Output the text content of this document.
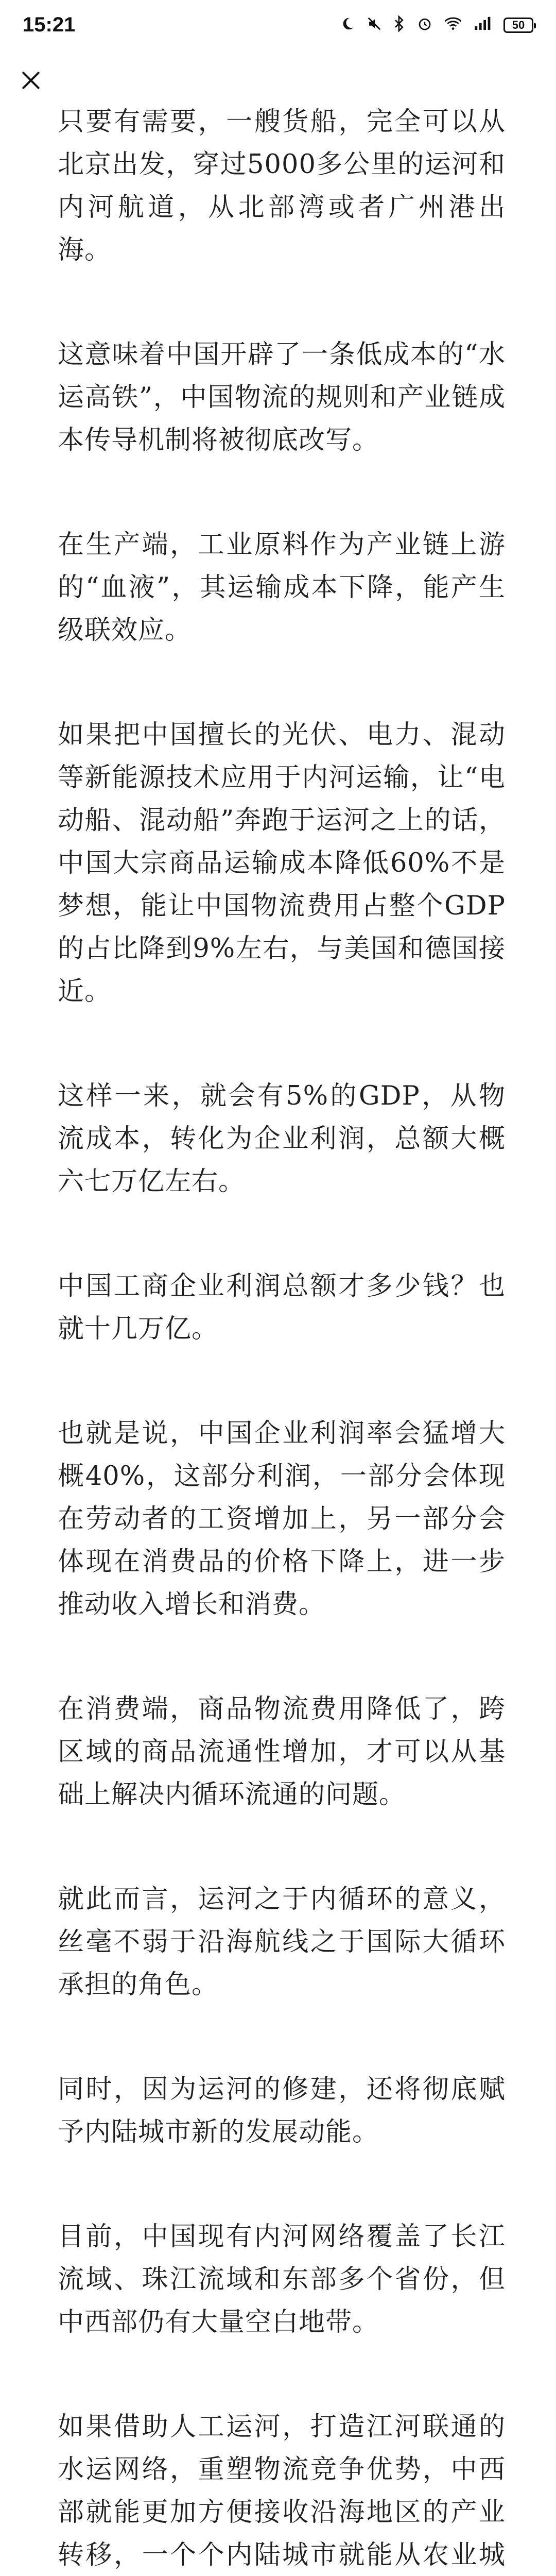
15:21	50

只要有需要，一艘货船，完全可以从北京出发，穿过5000多公里的运河和内河航道，从北部湾或者广州港出海。

这意味着中国开辟了一条低成本的“水运高铁”，中国物流的规则和产业链成本传导机制将被彻底改写。

在生产端，工业原料作为产业链上游的“血液”，其运输成本下降，能产生级联效应。

如果把中国擅长的光伏、电力、混动等新能源技术应用于内河运输，让“电动船、混动船”奔跑于运河之上的话，中国大宗商品运输成本降低60%不是梦想，能让中国物流费用占整个GDP的占比降到9%左右，与美国和德国接近。

这样一来，就会有5%的GDP，从物流成本，转化为企业利润，总额大概六七万亿左右。

中国工商企业利润总额才多少钱？也就十几万亿。

也就是说，中国企业利润率会猛增大概40%，这部分利润，一部分会体现在劳动者的工资增加上，另一部分会体现在消费品的价格下降上，进一步推动收入增长和消费。

在消费端，商品物流费用降低了，跨区域的商品流通性增加，才可以从基础上解决内循环流通的问题。

就此而言，运河之于内循环的意义，丝毫不弱于沿海航线之于国际大循环承担的角色。

同时，因为运河的修建，还将彻底赋予内陆城市新的发展动能。

目前，中国现有内河网络覆盖了长江流域、珠江流域和东部多个省份，但中西部仍有大量空白地带。

如果借助人工运河，打造江河联通的水运网络，重塑物流竞争优势，中西部就能更加方便接收沿海地区的产业转移，一个个内陆城市就能从农业城
